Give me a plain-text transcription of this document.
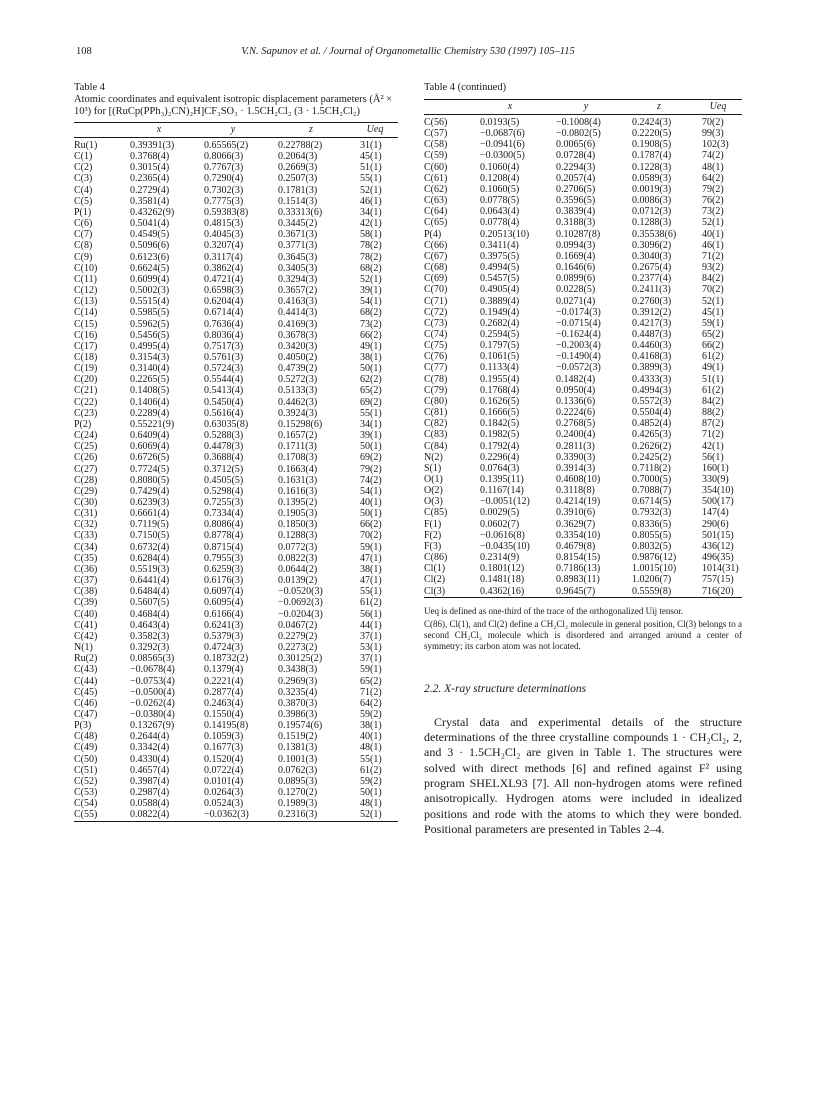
108	V.N. Sapunov et al. / Journal of Organometallic Chemistry 530 (1997) 105–115
Table 4
Atomic coordinates and equivalent isotropic displacement parameters (Å² × 10³) for [(RuCp(PPh₃)₂CN)₂H]CF₃SO₃ · 1.5CH₂Cl₂ (3 · 1.5CH₂Cl₂)
	x	y	z	Ueq
Ru(1)	0.39391(3)	0.65565(2)	0.22788(2)	31(1)
C(1)	0.3768(4)	0.8066(3)	0.2064(3)	45(1)
C(2)	0.3015(4)	0.7767(3)	0.2669(3)	51(1)
C(3)	0.2365(4)	0.7290(4)	0.2507(3)	55(1)
C(4)	0.2729(4)	0.7302(3)	0.1781(3)	52(1)
C(5)	0.3581(4)	0.7775(3)	0.1514(3)	46(1)
P(1)	0.43262(9)	0.59383(8)	0.33313(6)	34(1)
C(6)	0.5041(4)	0.4815(3)	0.3445(2)	42(1)
C(7)	0.4549(5)	0.4045(3)	0.3671(3)	58(1)
C(8)	0.5096(6)	0.3207(4)	0.3771(3)	78(2)
C(9)	0.6123(6)	0.3117(4)	0.3645(3)	78(2)
C(10)	0.6624(5)	0.3862(4)	0.3405(3)	68(2)
C(11)	0.6099(4)	0.4721(4)	0.3294(3)	52(1)
C(12)	0.5002(3)	0.6598(3)	0.3657(2)	39(1)
C(13)	0.5515(4)	0.6204(4)	0.4163(3)	54(1)
C(14)	0.5985(5)	0.6714(4)	0.4414(3)	68(2)
C(15)	0.5962(5)	0.7636(4)	0.4169(3)	73(2)
C(16)	0.5456(5)	0.8036(4)	0.3678(3)	66(2)
C(17)	0.4995(4)	0.7517(3)	0.3420(3)	49(1)
C(18)	0.3154(3)	0.5761(3)	0.4050(2)	38(1)
C(19)	0.3140(4)	0.5724(3)	0.4739(2)	50(1)
C(20)	0.2265(5)	0.5544(4)	0.5272(3)	62(2)
C(21)	0.1408(5)	0.5413(4)	0.5133(3)	65(2)
C(22)	0.1406(4)	0.5450(4)	0.4462(3)	69(2)
C(23)	0.2289(4)	0.5616(4)	0.3924(3)	55(1)
P(2)	0.55221(9)	0.63035(8)	0.15298(6)	34(1)
C(24)	0.6409(4)	0.5288(3)	0.1657(2)	39(1)
C(25)	0.6069(4)	0.4478(3)	0.1711(3)	50(1)
C(26)	0.6726(5)	0.3688(4)	0.1708(3)	69(2)
C(27)	0.7724(5)	0.3712(5)	0.1663(4)	79(2)
C(28)	0.8080(5)	0.4505(5)	0.1631(3)	74(2)
C(29)	0.7429(4)	0.5298(4)	0.1616(3)	54(1)
C(30)	0.6239(3)	0.7255(3)	0.1395(2)	40(1)
C(31)	0.6661(4)	0.7334(4)	0.1905(3)	50(1)
C(32)	0.7119(5)	0.8086(4)	0.1850(3)	66(2)
C(33)	0.7150(5)	0.8778(4)	0.1288(3)	70(2)
C(34)	0.6732(4)	0.8715(4)	0.0772(3)	59(1)
C(35)	0.6284(4)	0.7955(3)	0.0822(3)	47(1)
C(36)	0.5519(3)	0.6259(3)	0.0644(2)	38(1)
C(37)	0.6441(4)	0.6176(3)	0.0139(2)	47(1)
C(38)	0.6484(4)	0.6097(4)	−0.0520(3)	55(1)
C(39)	0.5607(5)	0.6095(4)	−0.0692(3)	61(2)
C(40)	0.4684(4)	0.6166(4)	−0.0204(3)	56(1)
C(41)	0.4643(4)	0.6241(3)	0.0467(2)	44(1)
C(42)	0.3582(3)	0.5379(3)	0.2279(2)	37(1)
N(1)	0.3292(3)	0.4724(3)	0.2273(2)	53(1)
Ru(2)	0.08565(3)	0.18732(2)	0.30125(2)	37(1)
C(43)	−0.0678(4)	0.1379(4)	0.3438(3)	59(1)
C(44)	−0.0753(4)	0.2221(4)	0.2969(3)	65(2)
C(45)	−0.0500(4)	0.2877(4)	0.3235(4)	71(2)
C(46)	−0.0262(4)	0.2463(4)	0.3870(3)	64(2)
C(47)	−0.0380(4)	0.1550(4)	0.3986(3)	59(2)
P(3)	0.13267(9)	0.14195(8)	0.19574(6)	38(1)
C(48)	0.2644(4)	0.1059(3)	0.1519(2)	40(1)
C(49)	0.3342(4)	0.1677(3)	0.1381(3)	48(1)
C(50)	0.4330(4)	0.1520(4)	0.1001(3)	55(1)
C(51)	0.4657(4)	0.0722(4)	0.0762(3)	61(2)
C(52)	0.3987(4)	0.0101(4)	0.0895(3)	59(2)
C(53)	0.2987(4)	0.0264(3)	0.1270(2)	50(1)
C(54)	0.0588(4)	0.0524(3)	0.1989(3)	48(1)
C(55)	0.0822(4)	−0.0362(3)	0.2316(3)	52(1)
Table 4 (continued)
	x	y	z	Ueq
C(56)	0.0193(5)	−0.1008(4)	0.2424(3)	70(2)
C(57)	−0.0687(6)	−0.0802(5)	0.2220(5)	99(3)
C(58)	−0.0941(6)	0.0065(6)	0.1908(5)	102(3)
C(59)	−0.0300(5)	0.0728(4)	0.1787(4)	74(2)
C(60)	0.1060(4)	0.2294(3)	0.1228(3)	48(1)
C(61)	0.1208(4)	0.2057(4)	0.0589(3)	64(2)
C(62)	0.1060(5)	0.2706(5)	0.0019(3)	79(2)
C(63)	0.0778(5)	0.3596(5)	0.0086(3)	76(2)
C(64)	0.0643(4)	0.3839(4)	0.0712(3)	73(2)
C(65)	0.0778(4)	0.3188(3)	0.1288(3)	52(1)
P(4)	0.20513(10)	0.10287(8)	0.35538(6)	40(1)
C(66)	0.3411(4)	0.0994(3)	0.3096(2)	46(1)
C(67)	0.3975(5)	0.1669(4)	0.3040(3)	71(2)
C(68)	0.4994(5)	0.1646(6)	0.2675(4)	93(2)
C(69)	0.5457(5)	0.0899(6)	0.2377(4)	84(2)
C(70)	0.4905(4)	0.0228(5)	0.2411(3)	70(2)
C(71)	0.3889(4)	0.0271(4)	0.2760(3)	52(1)
C(72)	0.1949(4)	−0.0174(3)	0.3912(2)	45(1)
C(73)	0.2682(4)	−0.0715(4)	0.4217(3)	59(1)
C(74)	0.2594(5)	−0.1624(4)	0.4487(3)	65(2)
C(75)	0.1797(5)	−0.2003(4)	0.4460(3)	66(2)
C(76)	0.1061(5)	−0.1490(4)	0.4168(3)	61(2)
C(77)	0.1133(4)	−0.0572(3)	0.3899(3)	49(1)
C(78)	0.1955(4)	0.1482(4)	0.4333(3)	51(1)
C(79)	0.1768(4)	0.0950(4)	0.4994(3)	61(2)
C(80)	0.1626(5)	0.1336(6)	0.5572(3)	84(2)
C(81)	0.1666(5)	0.2224(6)	0.5504(4)	88(2)
C(82)	0.1842(5)	0.2768(5)	0.4852(4)	87(2)
C(83)	0.1982(5)	0.2400(4)	0.4265(3)	71(2)
C(84)	0.1792(4)	0.2811(3)	0.2626(2)	42(1)
N(2)	0.2296(4)	0.3390(3)	0.2425(2)	56(1)
S(1)	0.0764(3)	0.3914(3)	0.7118(2)	160(1)
O(1)	0.1395(11)	0.4608(10)	0.7000(5)	330(9)
O(2)	0.1167(14)	0.3118(8)	0.7088(7)	354(10)
O(3)	−0.0051(12)	0.4214(19)	0.6714(5)	500(17)
C(85)	0.0029(5)	0.3910(6)	0.7932(3)	147(4)
F(1)	0.0602(7)	0.3629(7)	0.8336(5)	290(6)
F(2)	−0.0616(8)	0.3354(10)	0.8055(5)	501(15)
F(3)	−0.0435(10)	0.4679(8)	0.8032(5)	436(12)
C(86)	0.2314(9)	0.8154(15)	0.9876(12)	496(35)
Cl(1)	0.1801(12)	0.7186(13)	1.0015(10)	1014(31)
Cl(2)	0.1481(18)	0.8983(11)	1.0206(7)	757(15)
Cl(3)	0.4362(16)	0.9645(7)	0.5559(8)	716(20)

Ueq is defined as one-third of the trace of the orthogonalized Uij tensor.

C(86), Cl(1), and Cl(2) define a CH₂Cl₂ molecule in general position, Cl(3) belongs to a second CH₂Cl₂ molecule which is disordered and arranged around a center of symmetry; its carbon atom was not located.

2.2. X-ray structure determinations

Crystal data and experimental details of the structure determinations of the three crystalline compounds 1 · CH₂Cl₂, 2, and 3 · 1.5CH₂Cl₂ are given in Table 1. The structures were solved with direct methods [6] and refined against F² using program SHELXL93 [7]. All non-hydrogen atoms were refined anisotropically. Hydrogen atoms were included in idealized positions and rode with the atoms to which they were bonded. Positional parameters are presented in Tables 2–4.
